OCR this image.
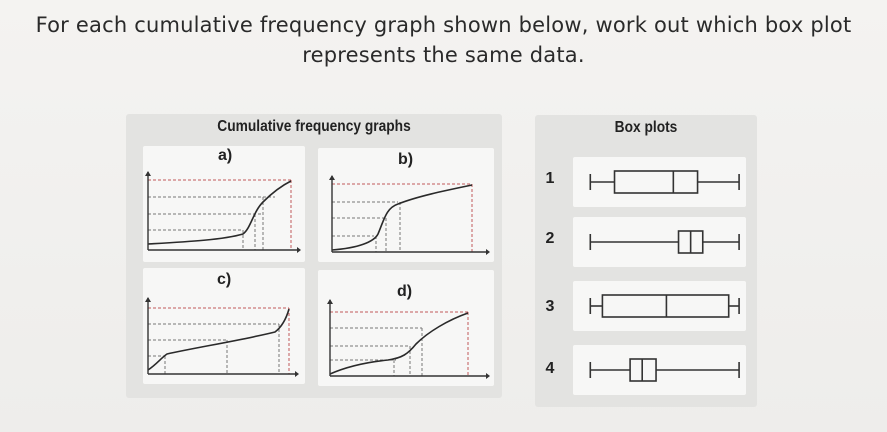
For each cumulative frequency graph shown below, work out which box plot
represents the same data.
Cumulative frequency graphs
a)	b)
c)
d)
Box plots
1
2
3
4
